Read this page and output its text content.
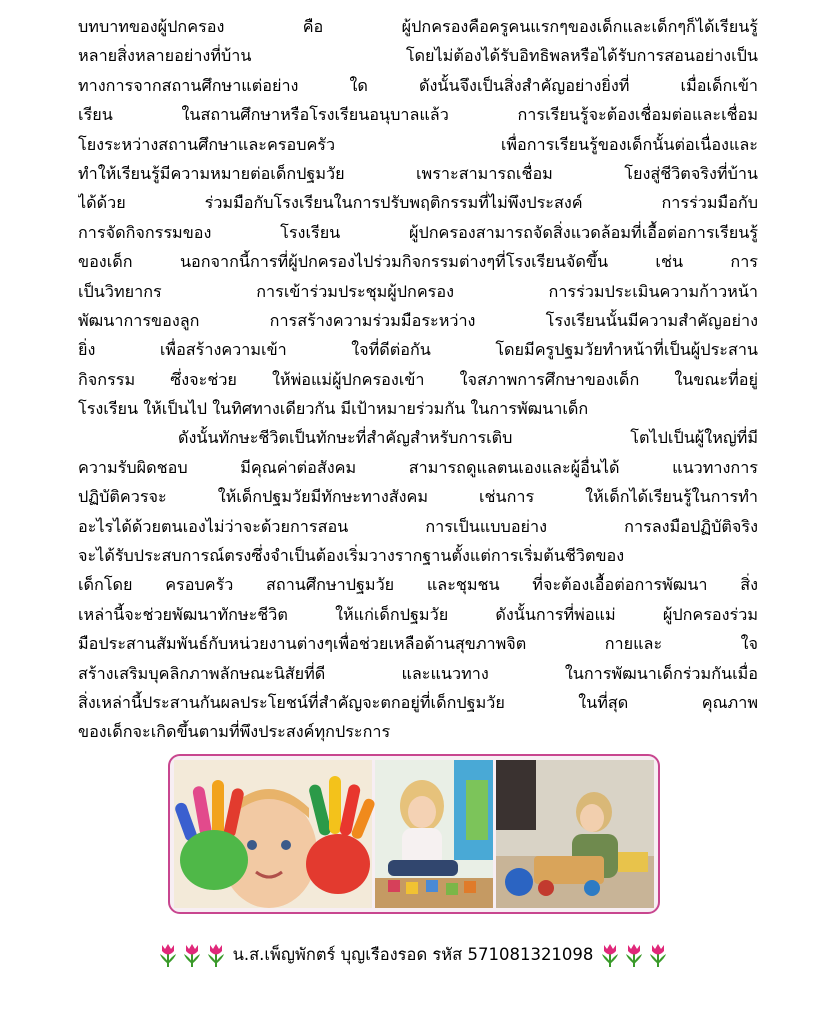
บทบาทของผู้ปกครอง คือ ผู้ปกครองคือครูคนแรกๆของเด็กและเด็กๆก็ได้เรียนรู้
หลายสิ่งหลายอย่างที่บ้าน โดยไม่ต้องได้รับอิทธิพลหรือได้รับการสอนอย่างเป็น
ทางการจากสถานศึกษาแต่อย่าง ใด ดังนั้นจึงเป็นสิ่งสำคัญอย่างยิ่งที่ เมื่อเด็กเข้า
เรียน ในสถานศึกษาหรือโรงเรียนอนุบาลแล้ว การเรียนรู้จะต้องเชื่อมต่อและเชื่อม
โยงระหว่างสถานศึกษาและครอบครัว เพื่อการเรียนรู้ของเด็กนั้นต่อเนื่องและ
ทำให้เรียนรู้มีความหมายต่อเด็กปฐมวัย เพราะสามารถเชื่อม โยงสู่ชีวิตจริงที่บ้าน
ได้ด้วย ร่วมมือกับโรงเรียนในการปรับพฤติกรรมที่ไม่พึงประสงค์ การร่วมมือกับ
การจัดกิจกรรมของ โรงเรียน ผู้ปกครองสามารถจัดสิ่งแวดล้อมที่เอื้อต่อการเรียนรู้
ของเด็ก นอกจากนี้การที่ผู้ปกครองไปร่วมกิจกรรมต่างๆที่โรงเรียนจัดขึ้น เช่น การ
เป็นวิทยากร การเข้าร่วมประชุมผู้ปกครอง การร่วมประเมินความก้าวหน้า
พัฒนาการของลูก การสร้างความร่วมมือระหว่าง โรงเรียนนั้นมีความสำคัญอย่าง
ยิ่ง เพื่อสร้างความเข้า ใจที่ดีต่อกัน โดยมีครูปฐมวัยทำหน้าที่เป็นผู้ประสาน
กิจกรรม ซึ่งจะช่วย ให้พ่อแม่ผู้ปกครองเข้า ใจสภาพการศึกษาของเด็ก ในขณะที่อยู่
โรงเรียน ให้เป็นไป ในทิศทางเดียวกัน มีเป้าหมายร่วมกัน ในการพัฒนาเด็ก
ดังนั้นทักษะชีวิตเป็นทักษะที่สำคัญสำหรับการเติบ โตไปเป็นผู้ใหญ่ที่มี
ความรับผิดชอบ มีคุณค่าต่อสังคม สามารถดูแลตนเองและผู้อื่นได้ แนวทางการ
ปฏิบัติควรจะ ให้เด็กปฐมวัยมีทักษะทางสังคม เช่นการ ให้เด็กได้เรียนรู้ในการทำ
อะไรได้ด้วยตนเองไม่ว่าจะด้วยการสอน การเป็นแบบอย่าง การลงมือปฏิบัติจริง
จะได้รับประสบการณ์ตรงซึ่งจำเป็นต้องเริ่มวางรากฐานตั้งแต่การเริ่มต้นชีวิตของ
เด็กโดย ครอบครัว สถานศึกษาปฐมวัย และชุมชน ที่จะต้องเอื้อต่อการพัฒนา สิ่ง
เหล่านี้จะช่วยพัฒนาทักษะชีวิต ให้แก่เด็กปฐมวัย ดังนั้นการที่พ่อแม่ ผู้ปกครองร่วม
มือประสานสัมพันธ์กับหน่วยงานต่างๆเพื่อช่วยเหลือด้านสุขภาพจิต กายและ ใจ
สร้างเสริมบุคลิกภาพลักษณะนิสัยที่ดี และแนวทาง ในการพัฒนาเด็กร่วมกันเมื่อ
สิ่งเหล่านี้ประสานกันผลประโยชน์ที่สำคัญจะตกอยู่ที่เด็กปฐมวัย ในที่สุด คุณภาพ
ของเด็กจะเกิดขึ้นตามที่พึงประสงค์ทุกประการ
น.ส.เพ็ญพักตร์ บุญเรืองรอด รหัส 571081321098
